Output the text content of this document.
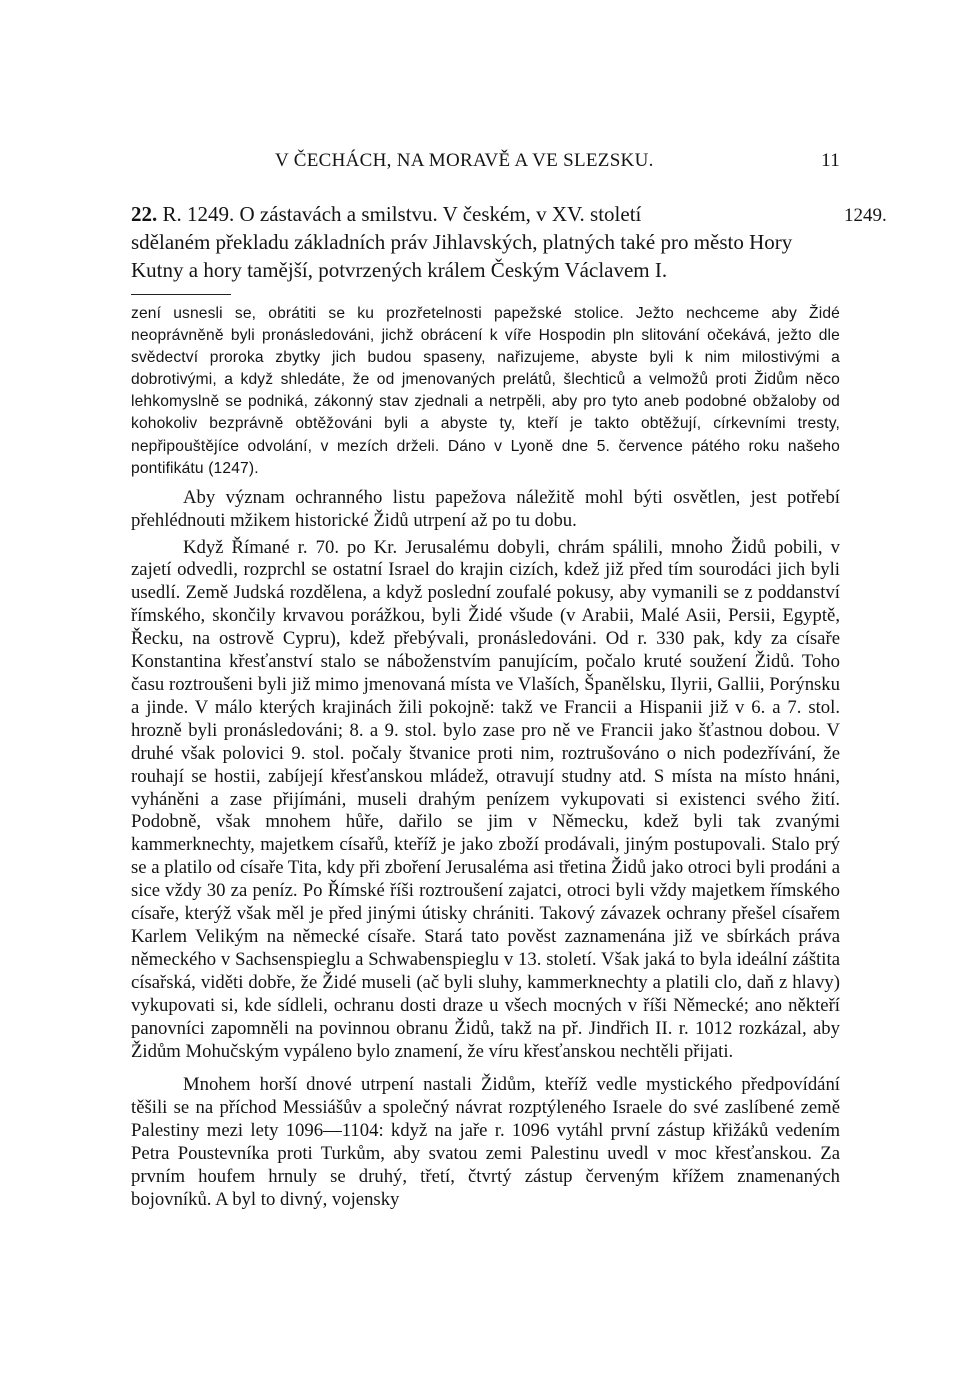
V ČECHÁCH, NA MORAVĚ A VE SLEZSKU.	11
22. R. 1249. O zástavách a smilstvu. V českém, v XV. století
sdělaném překladu základních práv Jihlavských, platných také pro město Hory Kutny a hory tamější, potvrzených králem Českým Václavem I.
1249.

zení usnesli se, obrátiti se ku prozřetelnosti papežské stolice. Ježto nechceme aby Židé neoprávněně byli pronásledováni, jichž obrácení k víře Hospodin pln slitování očekává, ježto dle svědectví proroka zbytky jich budou spaseny, nařizujeme, abyste byli k nim milostivými a dobrotivými, a když shledáte, že od jmenovaných prelátů, šlechticů a velmožů proti Židům něco lehkomyslně se podniká, zákonný stav zjednali a netrpěli, aby pro tyto aneb podobné obžaloby od kohokoliv bezprávně obtěžováni byli a abyste ty, kteří je takto obtěžují, církevními tresty, nepřipouštějíce odvolání, v mezích drželi. Dáno v Lyoně dne 5. července pátého roku našeho pontifikátu (1247).

Aby význam ochranného listu papežova náležitě mohl býti osvětlen, jest potřebí přehlédnouti mžikem historické Židů utrpení až po tu dobu.

Když Římané r. 70. po Kr. Jerusalému dobyli, chrám spálili, mnoho Židů pobili, v zajetí odvedli, rozprchl se ostatní Israel do krajin cizích, kdež již před tím sourodáci jich byli usedlí. Země Judská rozdělena, a když poslední zoufalé pokusy, aby vymanili se z poddanství římského, skončily krvavou porážkou, byli Židé všude (v Arabii, Malé Asii, Persii, Egyptě, Řecku, na ostrově Cypru), kdež přebývali, pronásledováni. Od r. 330 pak, kdy za císaře Konstantina křesťanství stalo se náboženstvím panujícím, počalo kruté soužení Židů. Toho času roztroušeni byli již mimo jmenovaná místa ve Vlaších, Španělsku, Ilyrii, Gallii, Porýnsku a jinde. V málo kterých krajinách žili pokojně: takž ve Francii a Hispanii již v 6. a 7. stol. hrozně byli pronásledováni; 8. a 9. stol. bylo zase pro ně ve Francii jako šťastnou dobou. V druhé však polovici 9. stol. počaly štvanice proti nim, roztrušováno o nich podezřívání, že rouhají se hostii, zabíjejí křesťanskou mládež, otravují studny atd. S místa na místo hnáni, vyháněni a zase přijímáni, museli drahým penízem vykupovati si existenci svého žití. Podobně, však mnohem hůře, dařilo se jim v Německu, kdež byli tak zvanými kammerknechty, majetkem císařů, kteříž je jako zboží prodávali, jiným postupovali. Stalo prý se a platilo od císaře Tita, kdy při zboření Jerusaléma asi třetina Židů jako otroci byli prodáni a sice vždy 30 za peníz. Po Římské říši roztroušení zajatci, otroci byli vždy majetkem římského císaře, kterýž však měl je před jinými útisky chrániti. Takový závazek ochrany přešel císařem Karlem Velikým na německé císaře. Stará tato pověst zaznamenána již ve sbírkách práva německého v Sachsenspieglu a Schwabenspieglu v 13. století. Však jaká to byla ideální záštita císařská, viděti dobře, že Židé museli (ač byli sluhy, kammerknechty a platili clo, daň z hlavy) vykupovati si, kde sídleli, ochranu dosti draze u všech mocných v říši Německé; ano někteří panovníci zapomněli na povinnou obranu Židů, takž na př. Jindřich II. r. 1012 rozkázal, aby Židům Mohučským vypáleno bylo znamení, že víru křesťanskou nechtěli přijati.

Mnohem horší dnové utrpení nastali Židům, kteříž vedle mystického předpovídání těšili se na příchod Messiášův a společný návrat rozptýleného Israele do své zaslíbené země Palestiny mezi lety 1096—1104: když na jaře r. 1096 vytáhl první zástup křižáků vedením Petra Poustevníka proti Turkům, aby svatou zemi Palestinu uvedl v moc křesťanskou. Za prvním houfem hrnuly se druhý, třetí, čtvrtý zástup červeným křížem znamenaných bojovníků. A byl to divný, vojensky
